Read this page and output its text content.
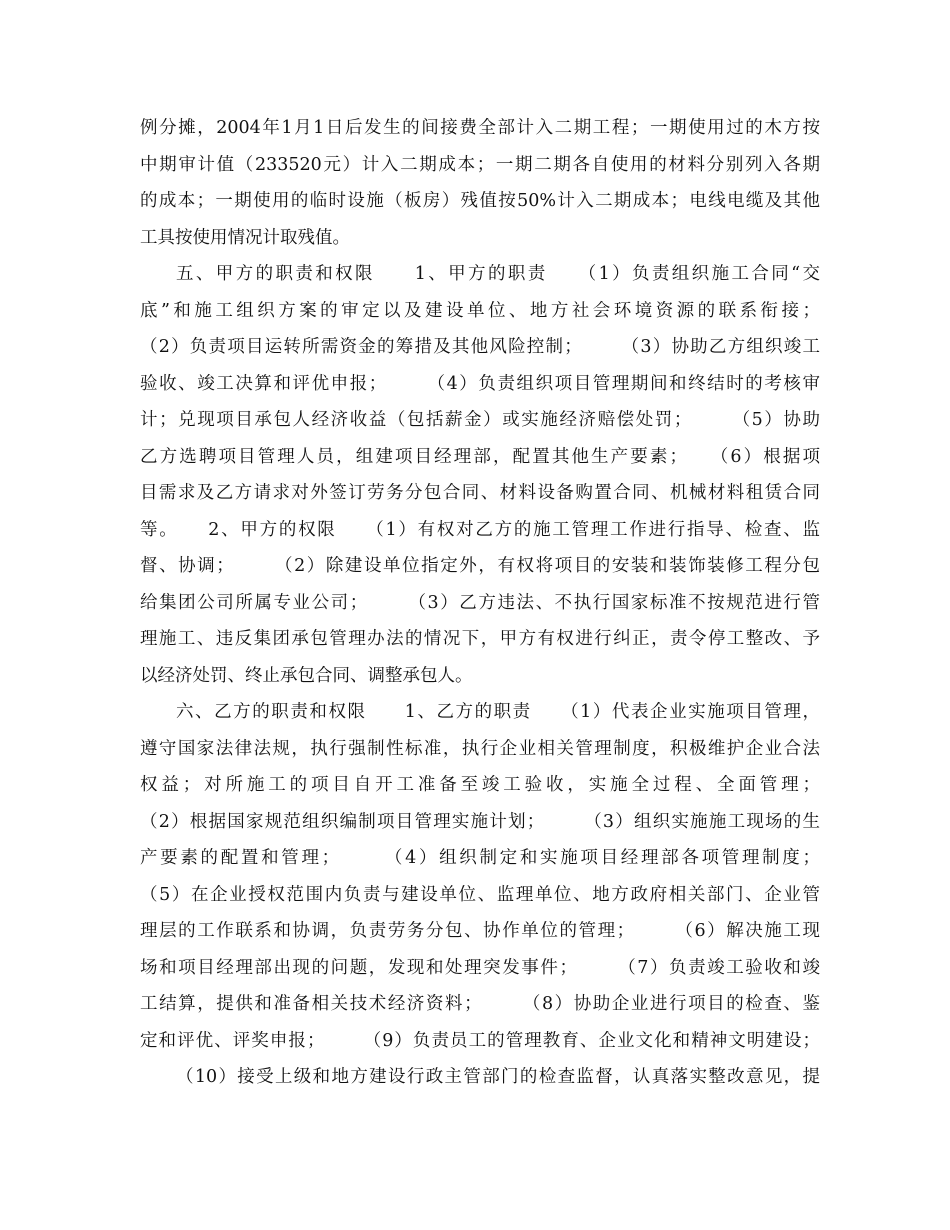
例分摊，2004年1月1日后发生的间接费全部计入二期工程；一期使用过的木方按
中期审计值（233520元）计入二期成本；一期二期各自使用的材料分别列入各期
的成本；一期使用的临时设施（板房）残值按50%计入二期成本；电线电缆及其他
工具按使用情况计取残值。
五、甲方的职责和权限　　1、甲方的职责　　（1）负责组织施工合同“交
底”和施工组织方案的审定以及建设单位、地方社会环境资源的联系衔接；
（2）负责项目运转所需资金的筹措及其他风险控制；　　　（3）协助乙方组织竣工
验收、竣工决算和评优申报；　　　（4）负责组织项目管理期间和终结时的考核审
计；兑现项目承包人经济收益（包括薪金）或实施经济赔偿处罚；　　　（5）协助
乙方选聘项目管理人员，组建项目经理部，配置其他生产要素；　　（6）根据项
目需求及乙方请求对外签订劳务分包合同、材料设备购置合同、机械材料租赁合同
等。　　2、甲方的权限　　（1）有权对乙方的施工管理工作进行指导、检查、监
督、协调；　　　（2）除建设单位指定外，有权将项目的安装和装饰装修工程分包
给集团公司所属专业公司；　　　（3）乙方违法、不执行国家标准不按规范进行管
理施工、违反集团承包管理办法的情况下，甲方有权进行纠正，责令停工整改、予
以经济处罚、终止承包合同、调整承包人。
六、乙方的职责和权限　　1、乙方的职责　　（1）代表企业实施项目管理，
遵守国家法律法规，执行强制性标准，执行企业相关管理制度，积极维护企业合法
权益；对所施工的项目自开工准备至竣工验收，实施全过程、全面管理；
（2）根据国家规范组织编制项目管理实施计划；　　　（3）组织实施施工现场的生
产要素的配置和管理；　　　（4）组织制定和实施项目经理部各项管理制度；
（5）在企业授权范围内负责与建设单位、监理单位、地方政府相关部门、企业管
理层的工作联系和协调，负责劳务分包、协作单位的管理；　　　（6）解决施工现
场和项目经理部出现的问题，发现和处理突发事件；　　　（7）负责竣工验收和竣
工结算，提供和准备相关技术经济资料；　　　（8）协助企业进行项目的检查、鉴
定和评优、评奖申报；　　　（9）负责员工的管理教育、企业文化和精神文明建设；
（10）接受上级和地方建设行政主管部门的检查监督，认真落实整改意见，提
